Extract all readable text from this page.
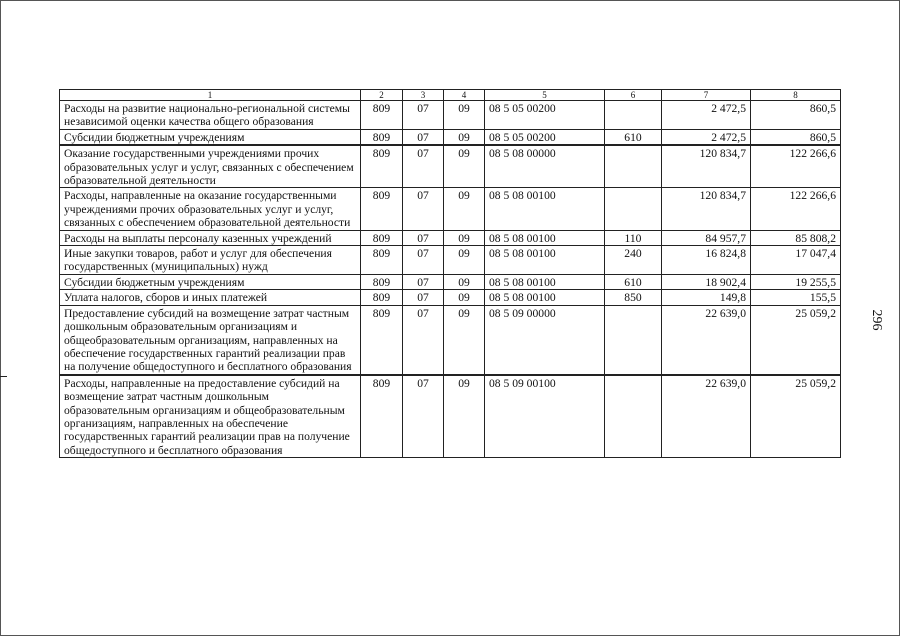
296
1	2	3	4	5	6	7	8
Расходы на развитие национально-региональной системы независимой оценки качества общего образования	809	07	09	08 5 05 00200		2 472,5	860,5
Субсидии бюджетным учреждениям	809	07	09	08 5 05 00200	610	2 472,5	860,5
Оказание государственными учреждениями прочих образовательных услуг и услуг, связанных с обеспечением образовательной деятельности	809	07	09	08 5 08 00000		120 834,7	122 266,6
Расходы, направленные на оказание государственными учреждениями прочих образовательных услуг и услуг, связанных с обеспечением образовательной деятельности	809	07	09	08 5 08 00100		120 834,7	122 266,6
Расходы на выплаты персоналу казенных учреждений	809	07	09	08 5 08 00100	110	84 957,7	85 808,2
Иные закупки товаров, работ и услуг для обеспечения государственных (муниципальных) нужд	809	07	09	08 5 08 00100	240	16 824,8	17 047,4
Субсидии бюджетным учреждениям	809	07	09	08 5 08 00100	610	18 902,4	19 255,5
Уплата налогов, сборов и иных платежей	809	07	09	08 5 08 00100	850	149,8	155,5
Предоставление субсидий на возмещение затрат частным дошкольным образовательным организациям и общеобразовательным организациям, направленных на обеспечение государственных гарантий реализации прав на получение общедоступного и бесплатного образования	809	07	09	08 5 09 00000		22 639,0	25 059,2
Расходы, направленные на предоставление субсидий на возмещение затрат частным дошкольным образовательным организациям и общеобразовательным организациям, направленных на обеспечение государственных гарантий реализации прав на получение общедоступного и бесплатного образования	809	07	09	08 5 09 00100		22 639,0	25 059,2
